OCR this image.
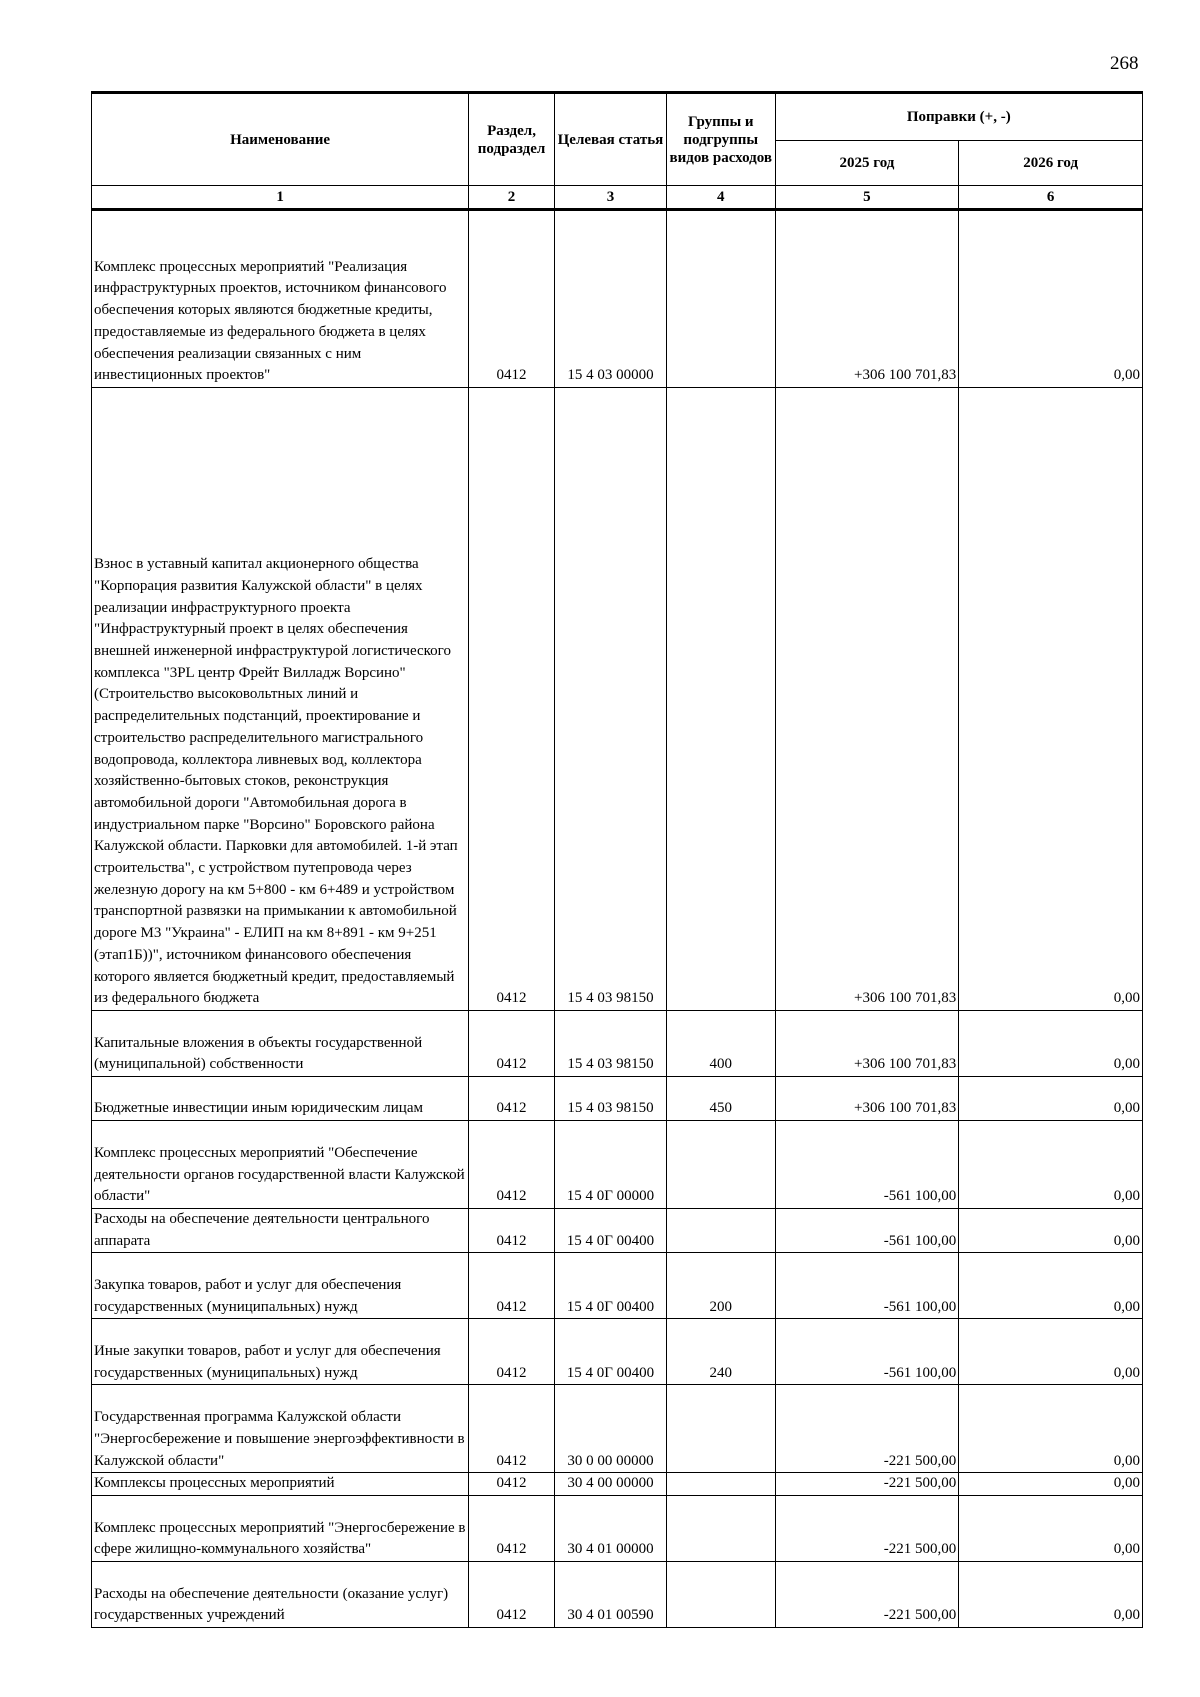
268
Наименование	Раздел, подраздел	Целевая статья	Группы и подгруппы видов расходов	Поправки (+, -)	
				2025 год	2026 год
1	2	3	4	5	6
Комплекс процессных мероприятий "Реализация инфраструктурных проектов, источником финансового обеспечения которых являются бюджетные кредиты, предоставляемые из федерального бюджета в целях обеспечения реализации связанных с ним инвестиционных проектов"	0412	15 4 03 00000		+306 100 701,83	0,00
Взнос в уставный капитал акционерного общества "Корпорация развития Калужской области" в целях реализации инфраструктурного проекта "Инфраструктурный проект в целях обеспечения внешней инженерной инфраструктурой логистического комплекса "3PL центр Фрейт Вилладж Ворсино" (Строительство высоковольтных линий и распределительных подстанций, проектирование и строительство распределительного магистрального водопровода, коллектора ливневых вод, коллектора хозяйственно-бытовых стоков, реконструкция автомобильной дороги "Автомобильная дорога в индустриальном парке "Ворсино" Боровского района Калужской области. Парковки для автомобилей. 1-й этап строительства", с устройством путепровода через железную дорогу на км 5+800 - км 6+489 и устройством транспортной развязки на примыкании к автомобильной дороге М3 "Украина" - ЕЛИП на км 8+891 - км 9+251 (этап1Б))", источником финансового обеспечения которого является бюджетный кредит, предоставляемый из федерального бюджета	0412	15 4 03 98150		+306 100 701,83	0,00
Капитальные вложения в объекты государственной (муниципальной) собственности	0412	15 4 03 98150	400	+306 100 701,83	0,00
Бюджетные инвестиции иным юридическим лицам	0412	15 4 03 98150	450	+306 100 701,83	0,00
Комплекс процессных мероприятий "Обеспечение деятельности органов государственной власти Калужской области"	0412	15 4 0Г 00000		-561 100,00	0,00
Расходы на обеспечение деятельности центрального аппарата	0412	15 4 0Г 00400		-561 100,00	0,00
Закупка товаров, работ и услуг для обеспечения государственных (муниципальных) нужд	0412	15 4 0Г 00400	200	-561 100,00	0,00
Иные закупки товаров, работ и услуг для обеспечения государственных (муниципальных) нужд	0412	15 4 0Г 00400	240	-561 100,00	0,00
Государственная программа Калужской области "Энергосбережение и повышение энергоэффективности в Калужской области"	0412	30 0 00 00000		-221 500,00	0,00
Комплексы процессных мероприятий	0412	30 4 00 00000		-221 500,00	0,00
Комплекс процессных мероприятий "Энергосбережение в сфере жилищно-коммунального хозяйства"	0412	30 4 01 00000		-221 500,00	0,00
Расходы на обеспечение деятельности (оказание услуг) государственных учреждений	0412	30 4 01 00590		-221 500,00	0,00
